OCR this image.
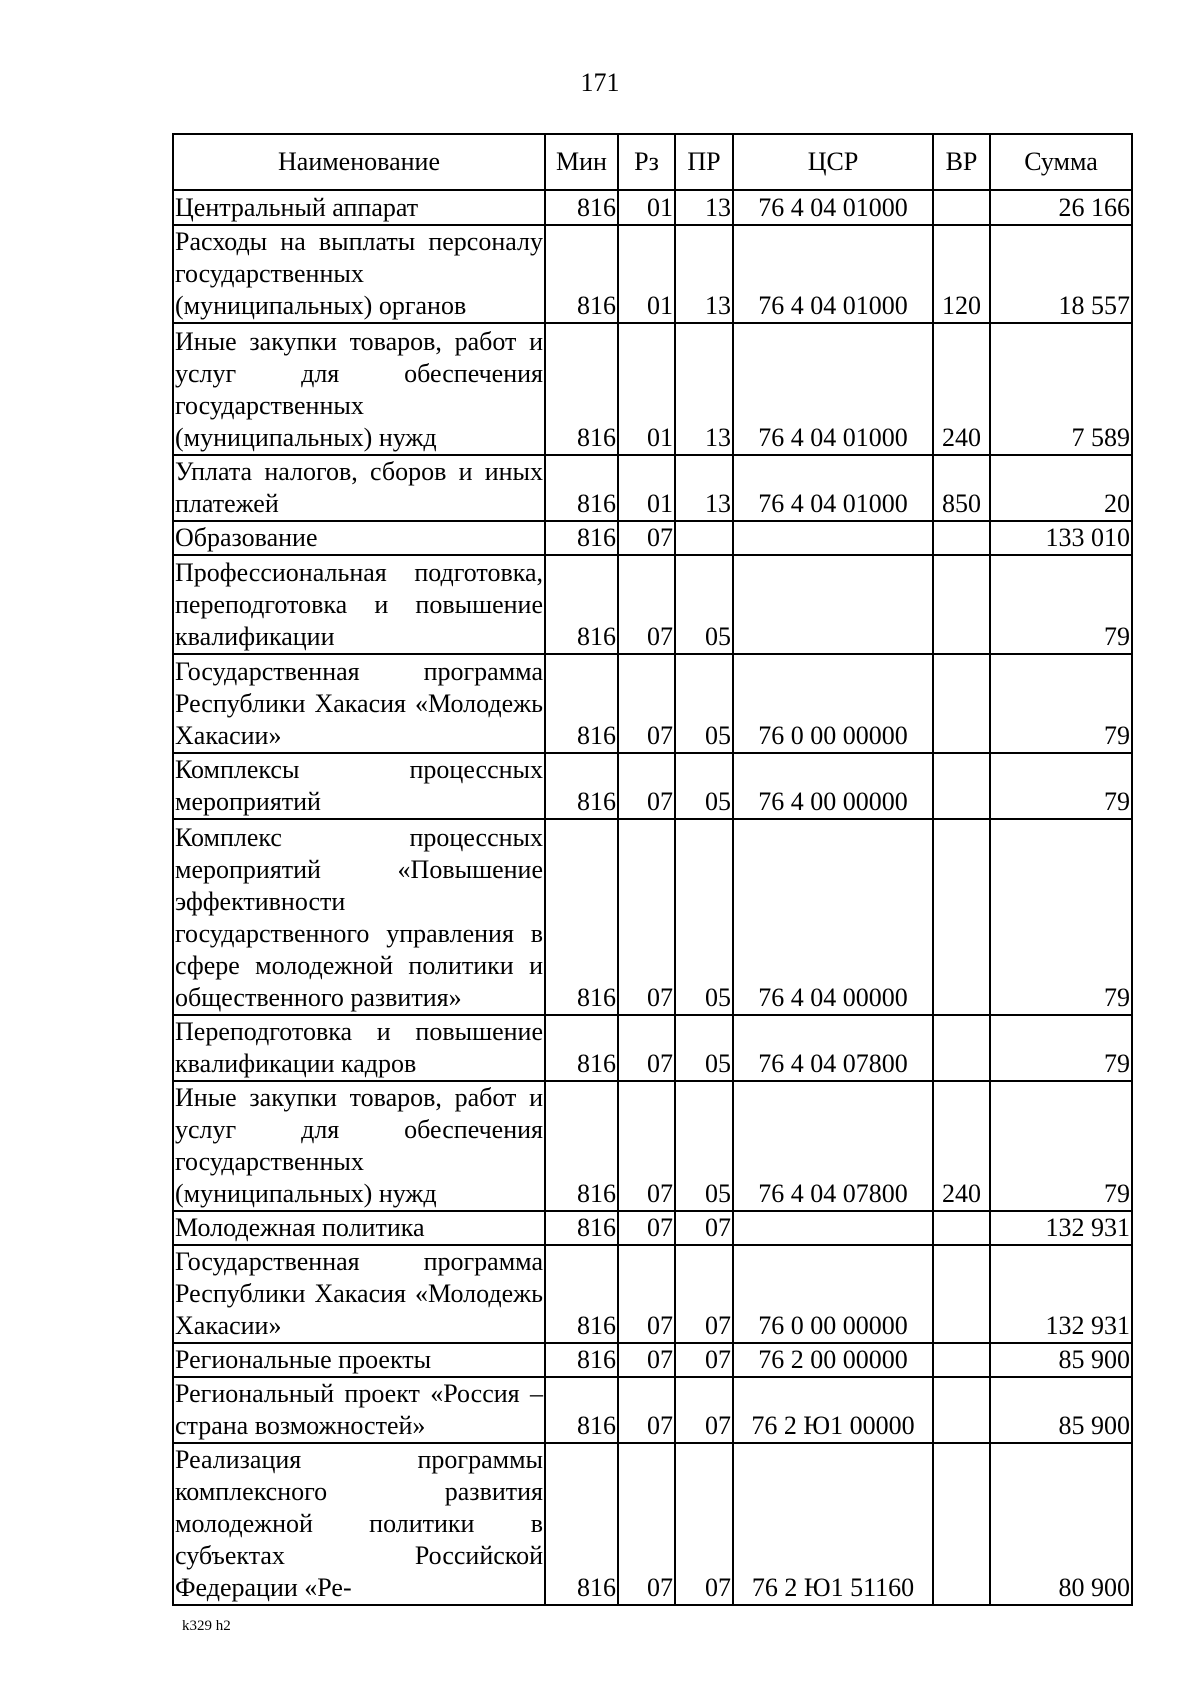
171
Наименование	Мин	Рз	ПР	ЦСР	ВР	Сумма
Центральный аппарат	816	01	13	76 4 04 01000		26 166
Расходы на выплаты персоналу государственных (муниципальных) органов	816	01	13	76 4 04 01000	120	18 557
Иные закупки товаров, работ и услуг для обеспечения государственных (муниципальных) нужд	816	01	13	76 4 04 01000	240	7 589
Уплата налогов, сборов и иных платежей	816	01	13	76 4 04 01000	850	20
Образование	816	07				133 010
Профессиональная подготовка, переподготовка и повышение квалификации	816	07	05			79
Государственная программа Республики Хакасия «Молодежь Хакасии»	816	07	05	76 0 00 00000		79
Комплексы процессных мероприятий	816	07	05	76 4 00 00000		79
Комплекс процессных мероприятий «Повышение эффективности государственного управления в сфере молодежной политики и общественного развития»	816	07	05	76 4 04 00000		79
Переподготовка и повышение квалификации кадров	816	07	05	76 4 04 07800		79
Иные закупки товаров, работ и услуг для обеспечения государственных (муниципальных) нужд	816	07	05	76 4 04 07800	240	79
Молодежная политика	816	07	07			132 931
Государственная программа Республики Хакасия «Молодежь Хакасии»	816	07	07	76 0 00 00000		132 931
Региональные проекты	816	07	07	76 2 00 00000		85 900
Региональный проект «Россия – страна возможностей»	816	07	07	76 2 Ю1 00000		85 900
Реализация программы комплексного развития молодежной политики в субъектах Российской Федерации «Ре-	816	07	07	76 2 Ю1 51160		80 900
k329 h2
